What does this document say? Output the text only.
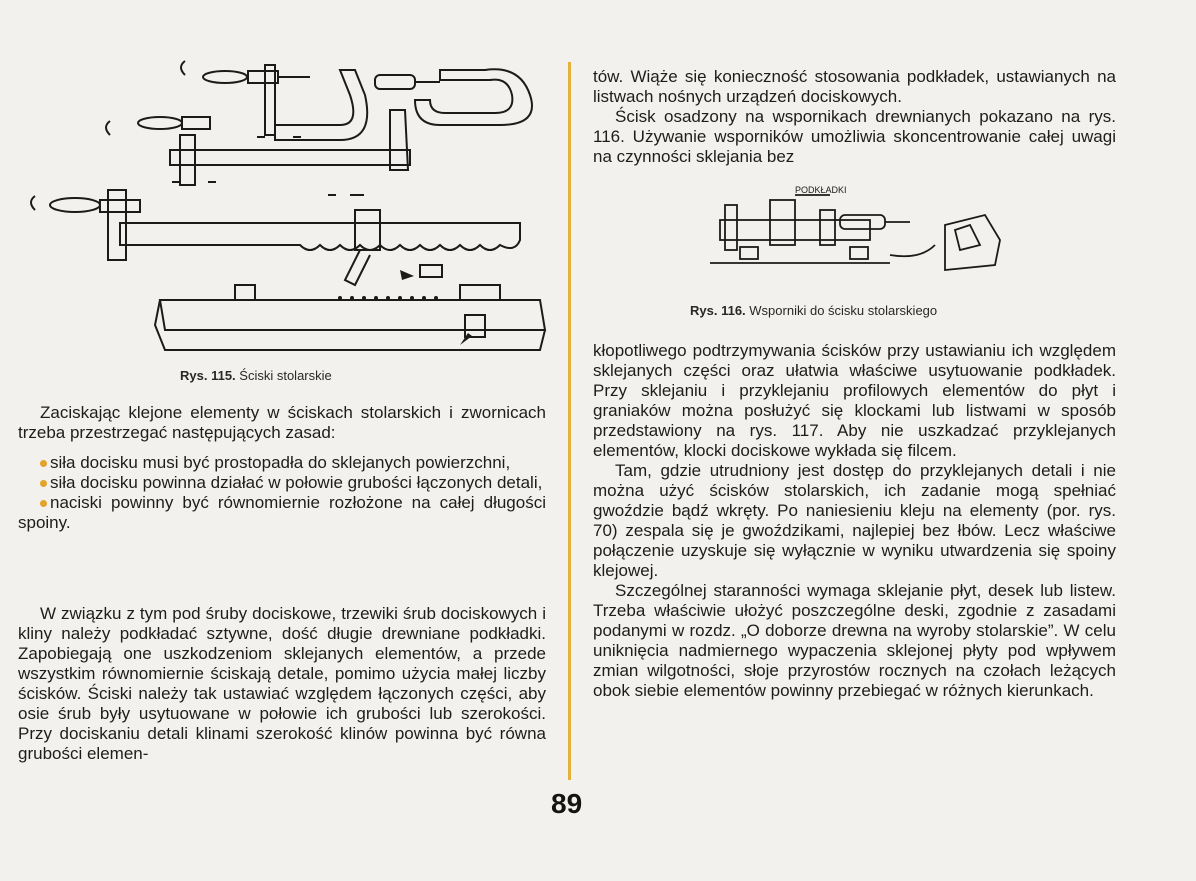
Rys. 115. Ściski stolarskie
PODKŁADKI
Rys. 116. Wsporniki do ścisku stolarskiego

Zaciskając klejone elementy w ściskach stolarskich i zwornicach trzeba przestrzegać następujących zasad:

siła docisku musi być prostopadła do sklejanych powierzchni,

siła docisku powinna działać w połowie grubości łączonych detali,

naciski powinny być równomiernie rozłożone na całej długości spoiny.

W związku z tym pod śruby dociskowe, trzewiki śrub dociskowych i kliny należy podkładać sztywne, dość długie drewniane podkładki. Zapobiegają one uszkodzeniom sklejanych elementów, a przede wszystkim równomiernie ściskają detale, pomimo użycia małej liczby ścisków. Ściski należy tak ustawiać względem łączonych części, aby osie śrub były usytuowane w połowie ich grubości lub szerokości. Przy dociskaniu detali klinami szerokość klinów powinna być równa grubości elemen-

tów. Wiąże się konieczność stosowania podkładek, ustawianych na listwach nośnych urządzeń dociskowych.

Ścisk osadzony na wspornikach drewnianych pokazano na rys. 116. Używanie wsporników umożliwia skoncentrowanie całej uwagi na czynności sklejania bez

kłopotliwego podtrzymywania ścisków przy ustawianiu ich względem sklejanych części oraz ułatwia właściwe usytuowanie podkładek. Przy sklejaniu i przyklejaniu profilowych elementów do płyt i graniaków można posłużyć się klockami lub listwami w sposób przedstawiony na rys. 117. Aby nie uszkadzać przyklejanych elementów, klocki dociskowe wykłada się filcem.

Tam, gdzie utrudniony jest dostęp do przyklejanych detali i nie można użyć ścisków stolarskich, ich zadanie mogą spełniać gwoździe bądź wkręty. Po naniesieniu kleju na elementy (por. rys. 70) zespala się je gwoździkami, najlepiej bez łbów. Lecz właściwe połączenie uzyskuje się wyłącznie w wyniku utwardzenia się spoiny klejowej.

Szczególnej staranności wymaga sklejanie płyt, desek lub listew. Trzeba właściwie ułożyć poszczególne deski, zgodnie z zasadami podanymi w rozdz. „O doborze drewna na wyroby stolarskie”. W celu uniknięcia nadmiernego wypaczenia sklejonej płyty pod wpływem zmian wilgotności, słoje przyrostów rocznych na czołach leżących obok siebie elementów powinny przebiegać w różnych kierunkach.

89
